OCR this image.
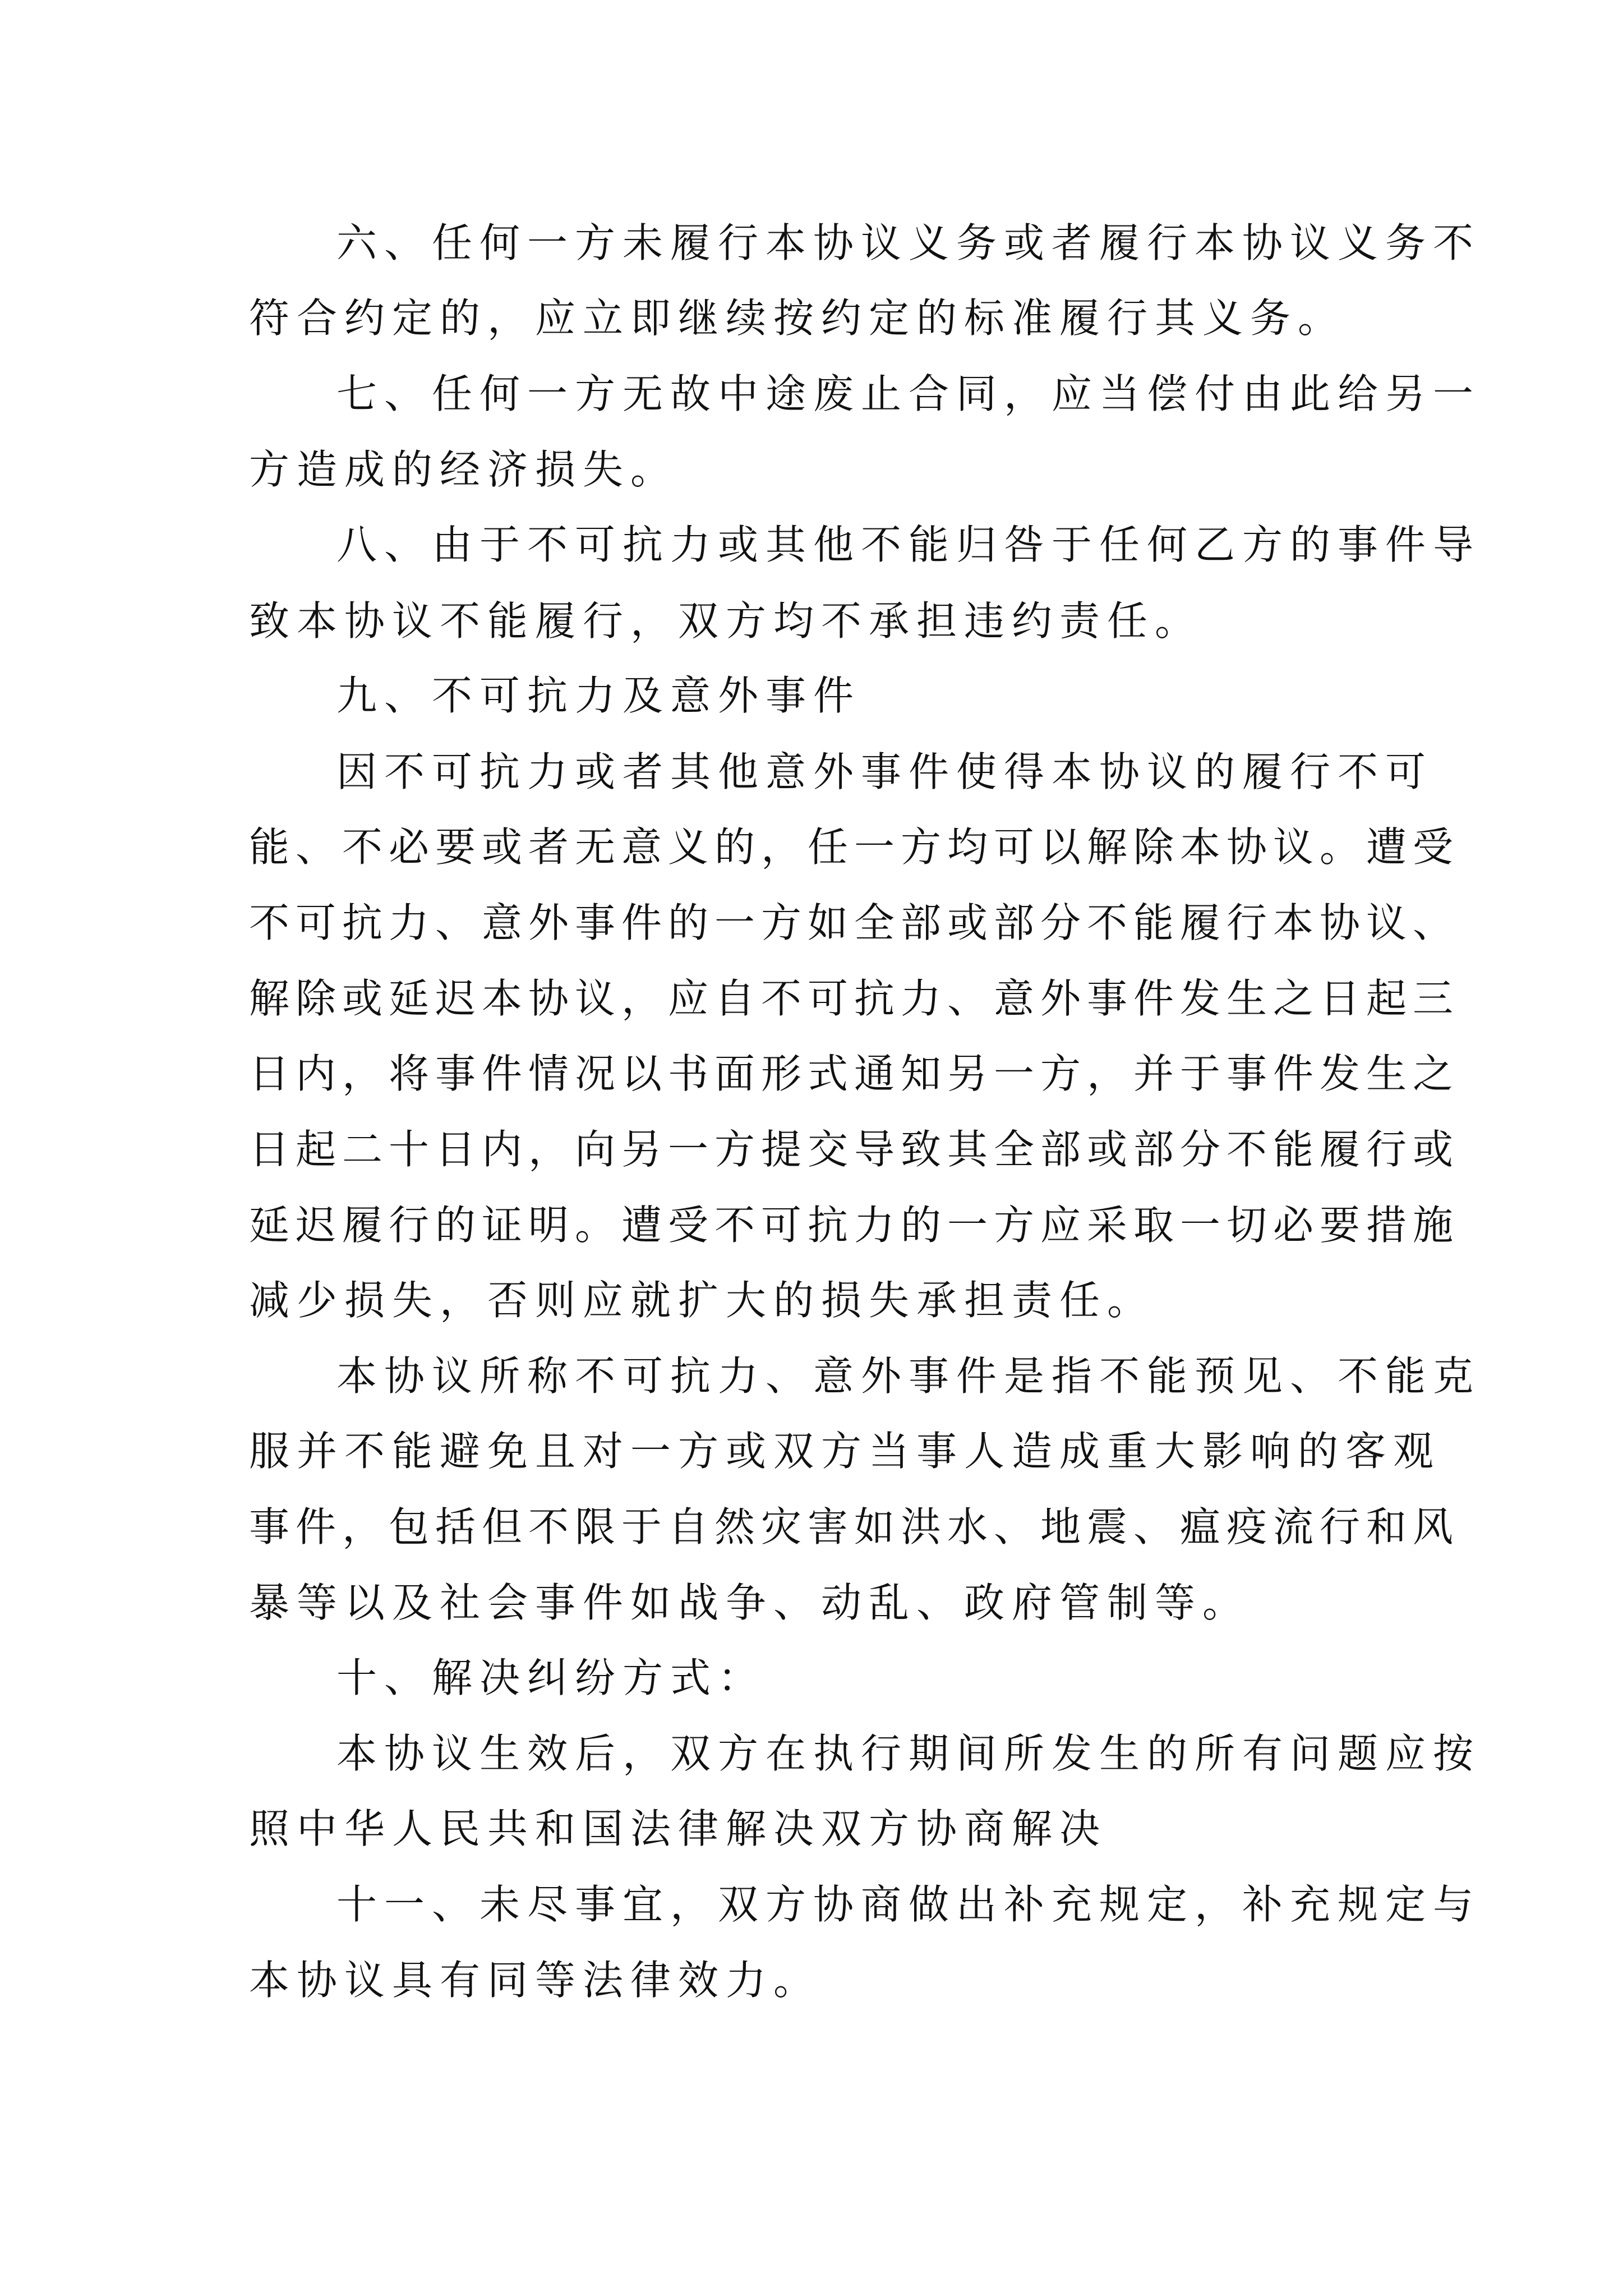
六、任何一方未履行本协议义务或者履行本协议义务不
符合约定的，应立即继续按约定的标准履行其义务。
七、任何一方无故中途废止合同，应当偿付由此给另一
方造成的经济损失。
八、由于不可抗力或其他不能归咎于任何乙方的事件导
致本协议不能履行，双方均不承担违约责任。
九、不可抗力及意外事件
因不可抗力或者其他意外事件使得本协议的履行不可
能、不必要或者无意义的，任一方均可以解除本协议。遭受
不可抗力、意外事件的一方如全部或部分不能履行本协议、
解除或延迟本协议，应自不可抗力、意外事件发生之日起三
日内，将事件情况以书面形式通知另一方，并于事件发生之
日起二十日内，向另一方提交导致其全部或部分不能履行或
延迟履行的证明。遭受不可抗力的一方应采取一切必要措施
减少损失，否则应就扩大的损失承担责任。
本协议所称不可抗力、意外事件是指不能预见、不能克
服并不能避免且对一方或双方当事人造成重大影响的客观
事件，包括但不限于自然灾害如洪水、地震、瘟疫流行和风
暴等以及社会事件如战争、动乱、政府管制等。
十、解决纠纷方式：
本协议生效后，双方在执行期间所发生的所有问题应按
照中华人民共和国法律解决双方协商解决
十一、未尽事宜，双方协商做出补充规定，补充规定与
本协议具有同等法律效力。
